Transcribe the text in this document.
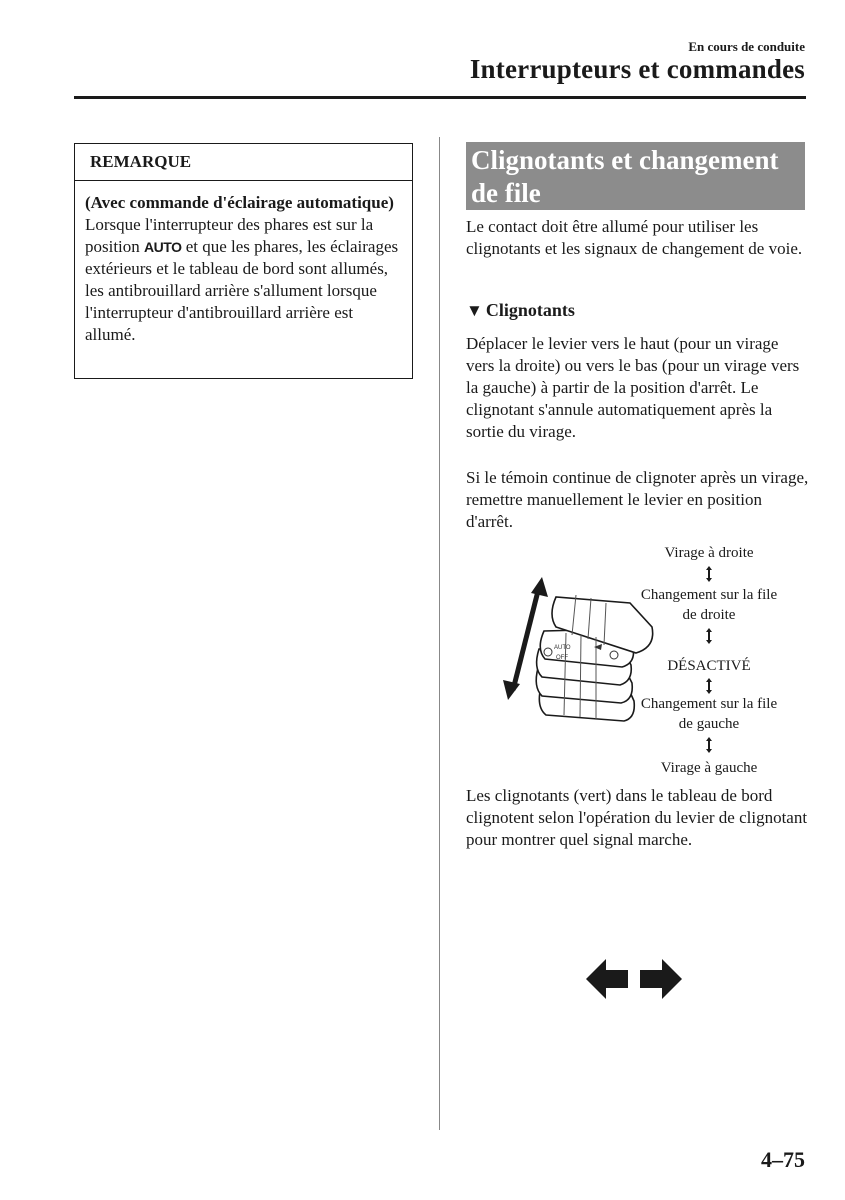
En cours de conduite
Interrupteurs et commandes
REMARQUE
(Avec commande d'éclairage automatique)
Lorsque l'interrupteur des phares est sur la position AUTO et que les phares, les éclairages extérieurs et le tableau de bord sont allumés, les antibrouillard arrière s'allument lorsque l'interrupteur d'antibrouillard arrière est allumé.
Clignotants et changement de file
Le contact doit être allumé pour utiliser les clignotants et les signaux de changement de voie.
▼ Clignotants
Déplacer le levier vers le haut (pour un virage vers la droite) ou vers le bas (pour un virage vers la gauche) à partir de la position d'arrêt. Le clignotant s'annule automatiquement après la sortie du virage.
Si le témoin continue de clignoter après un virage, remettre manuellement le levier en position d'arrêt.
AUTO
OFF
Virage à droite
Changement sur la file de droite
DÉSACTIVÉ
Changement sur la file de gauche
Virage à gauche
Les clignotants (vert) dans le tableau de bord clignotent selon l'opération du levier de clignotant pour montrer quel signal marche.
4–75
